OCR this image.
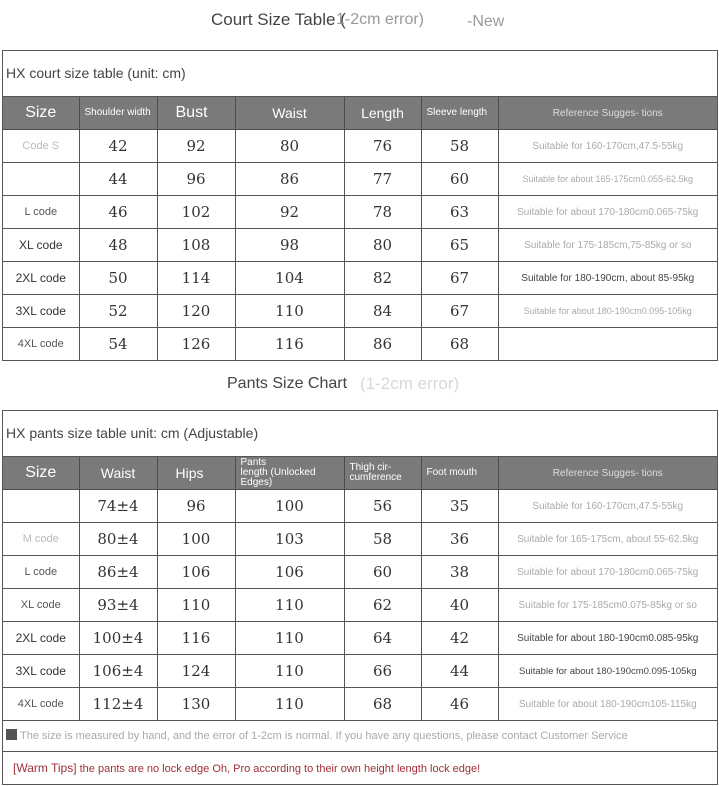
Court Size Table (
1-2cm error)	-New
HX court size table (unit: cm)
Size	Shoulder width	Bust	Waist	Length	Sleeve length	Reference Sugges- tions
Code S	42	92	80	76	58	Suitable for 160-170cm,47.5-55kg
	44	96	86	77	60	Suitable for about 165-175cm0.055-62.5kg
L code	46	102	92	78	63	Suitable for about 170-180cm0.065-75kg
XL code	48	108	98	80	65	Suitable for 175-185cm,75-85kg or so
2XL code	50	114	104	82	67	Suitable for 180-190cm, about 85-95kg
3XL code	52	120	110	84	67	Suitable for about 180-190cm0.095-105kg
4XL code	54	126	116	86	68	
Pants Size Chart (1-2cm error)
HX pants size table unit: cm (Adjustable)
Size	Waist	Hips	Pants length (Unlocked Edges)	Thigh cir- cumference	Foot mouth	Reference Sugges- tions
	74±4	96	100	56	35	Suitable for 160-170cm,47.5-55kg
M code	80±4	100	103	58	36	Suitable for 165-175cm, about 55-62.5kg
L code	86±4	106	106	60	38	Suitable for about 170-180cm0.065-75kg
XL code	93±4	110	110	62	40	Suitable for 175-185cm0.075-85kg or so
2XL code	100±4	116	110	64	42	Suitable for about 180-190cm0.085-95kg
3XL code	106±4	124	110	66	44	Suitable for about 180-190cm0.095-105kg
4XL code	112±4	130	110	68	46	Suitable for about 180-190cm105-115kg
The size is measured by hand, and the error of 1-2cm is normal. If you have any questions, please contact Customer Service
[Warm Tips] the pants are no lock edge Oh, Pro according to their own height length lock edge!
